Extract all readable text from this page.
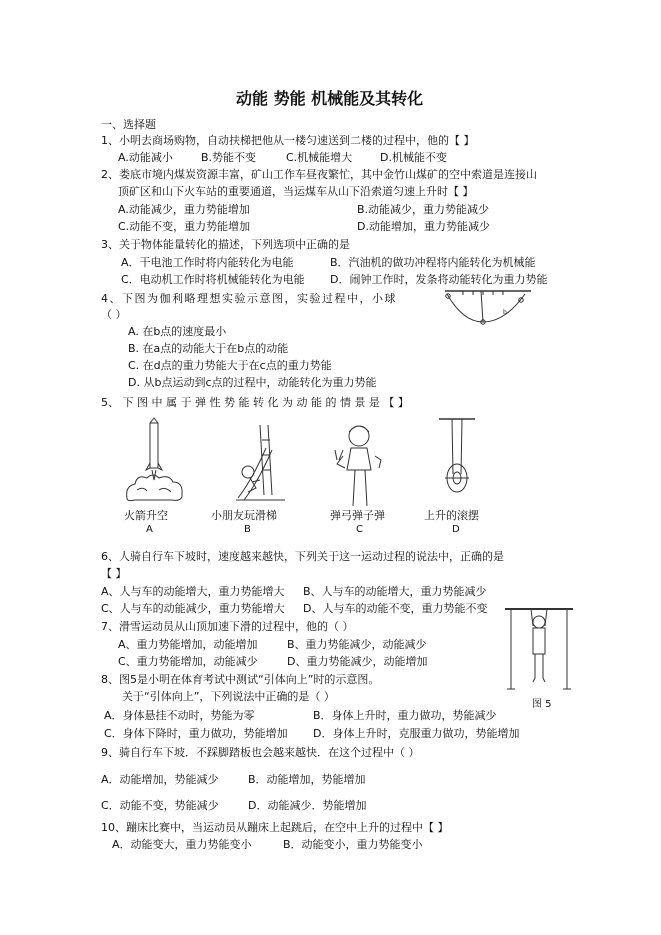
动能 势能 机械能及其转化
一、选择题
1、小明去商场购物，自动扶梯把他从一楼匀速送到二楼的过程中，他的【 】
A.动能减小	B.势能不变	C.机械能增大	D.机械能不变
2、娄底市境内煤炭资源丰富，矿山工作车昼夜繁忙，其中金竹山煤矿的空中索道是连接山
顶矿区和山下火车站的重要通道，当运煤车从山下沿索道匀速上升时【 】
A.动能减少，重力势能增加	B.动能减少，重力势能减少
C.动能不变，重力势能增加	D.动能增加，重力势能减少
3、关于物体能量转化的描述，下列选项中正确的是
A．干电池工作时将内能转化为电能	B．汽油机的做功冲程将内能转化为机械能
C．电动机工作时将机械能转化为电能 D．闹钟工作时，发条将动能转化为重力势能
4、下图为伽利略理想实验示意图，实验过程中，小球
（ ）	b
A. 在b点的速度最小
B. 在a点的动能大于在b点的动能
C. 在d点的重力势能大于在c点的重力势能
D. 从b点运动到c点的过程中，动能转化为重力势能
5、 下 图 中 属 于 弹 性 势 能 转 化 为 动 能 的 情 景 是 【 】
火箭升空	小朋友玩滑梯	弹弓弹子弹	上升的滚摆
A	B	C	D
6、人骑自行车下坡时，速度越来越快，下列关于这一运动过程的说法中，正确的是
【 】
A、人与车的动能增大，重力势能增大 B、人与车的动能增大，重力势能减少
C、人与车的动能减少，重力势能增大 D、人与车的动能不变，重力势能不变
7、滑雪运动员从山顶加速下滑的过程中，他的（ ）
A、重力势能增加，动能增加	B、重力势能减少，动能减少
C、重力势能增加，动能减少	D、重力势能减少，动能增加
8、图5是小明在体育考试中测试“引体向上”时的示意图。
关于“引体向上”，下列说法中正确的是（ ）
A．身体悬挂不动时，势能为零	B．身体上升时，重力做功，势能减少
C．身体下降时，重力做功，势能增加 D．身体上升时，克服重力做功，势能增加
图 5
9、骑自行车下坡．不踩脚踏板也会越来越快．在这个过程中（ ）
A．动能增加，势能减少	B．动能增加，势能增加
C．动能不变，势能减少	D．动能减少．势能增加
10、蹦床比赛中，当运动员从蹦床上起跳后，在空中上升的过程中【 】
A．动能变大，重力势能变小	B．动能变小，重力势能变小
